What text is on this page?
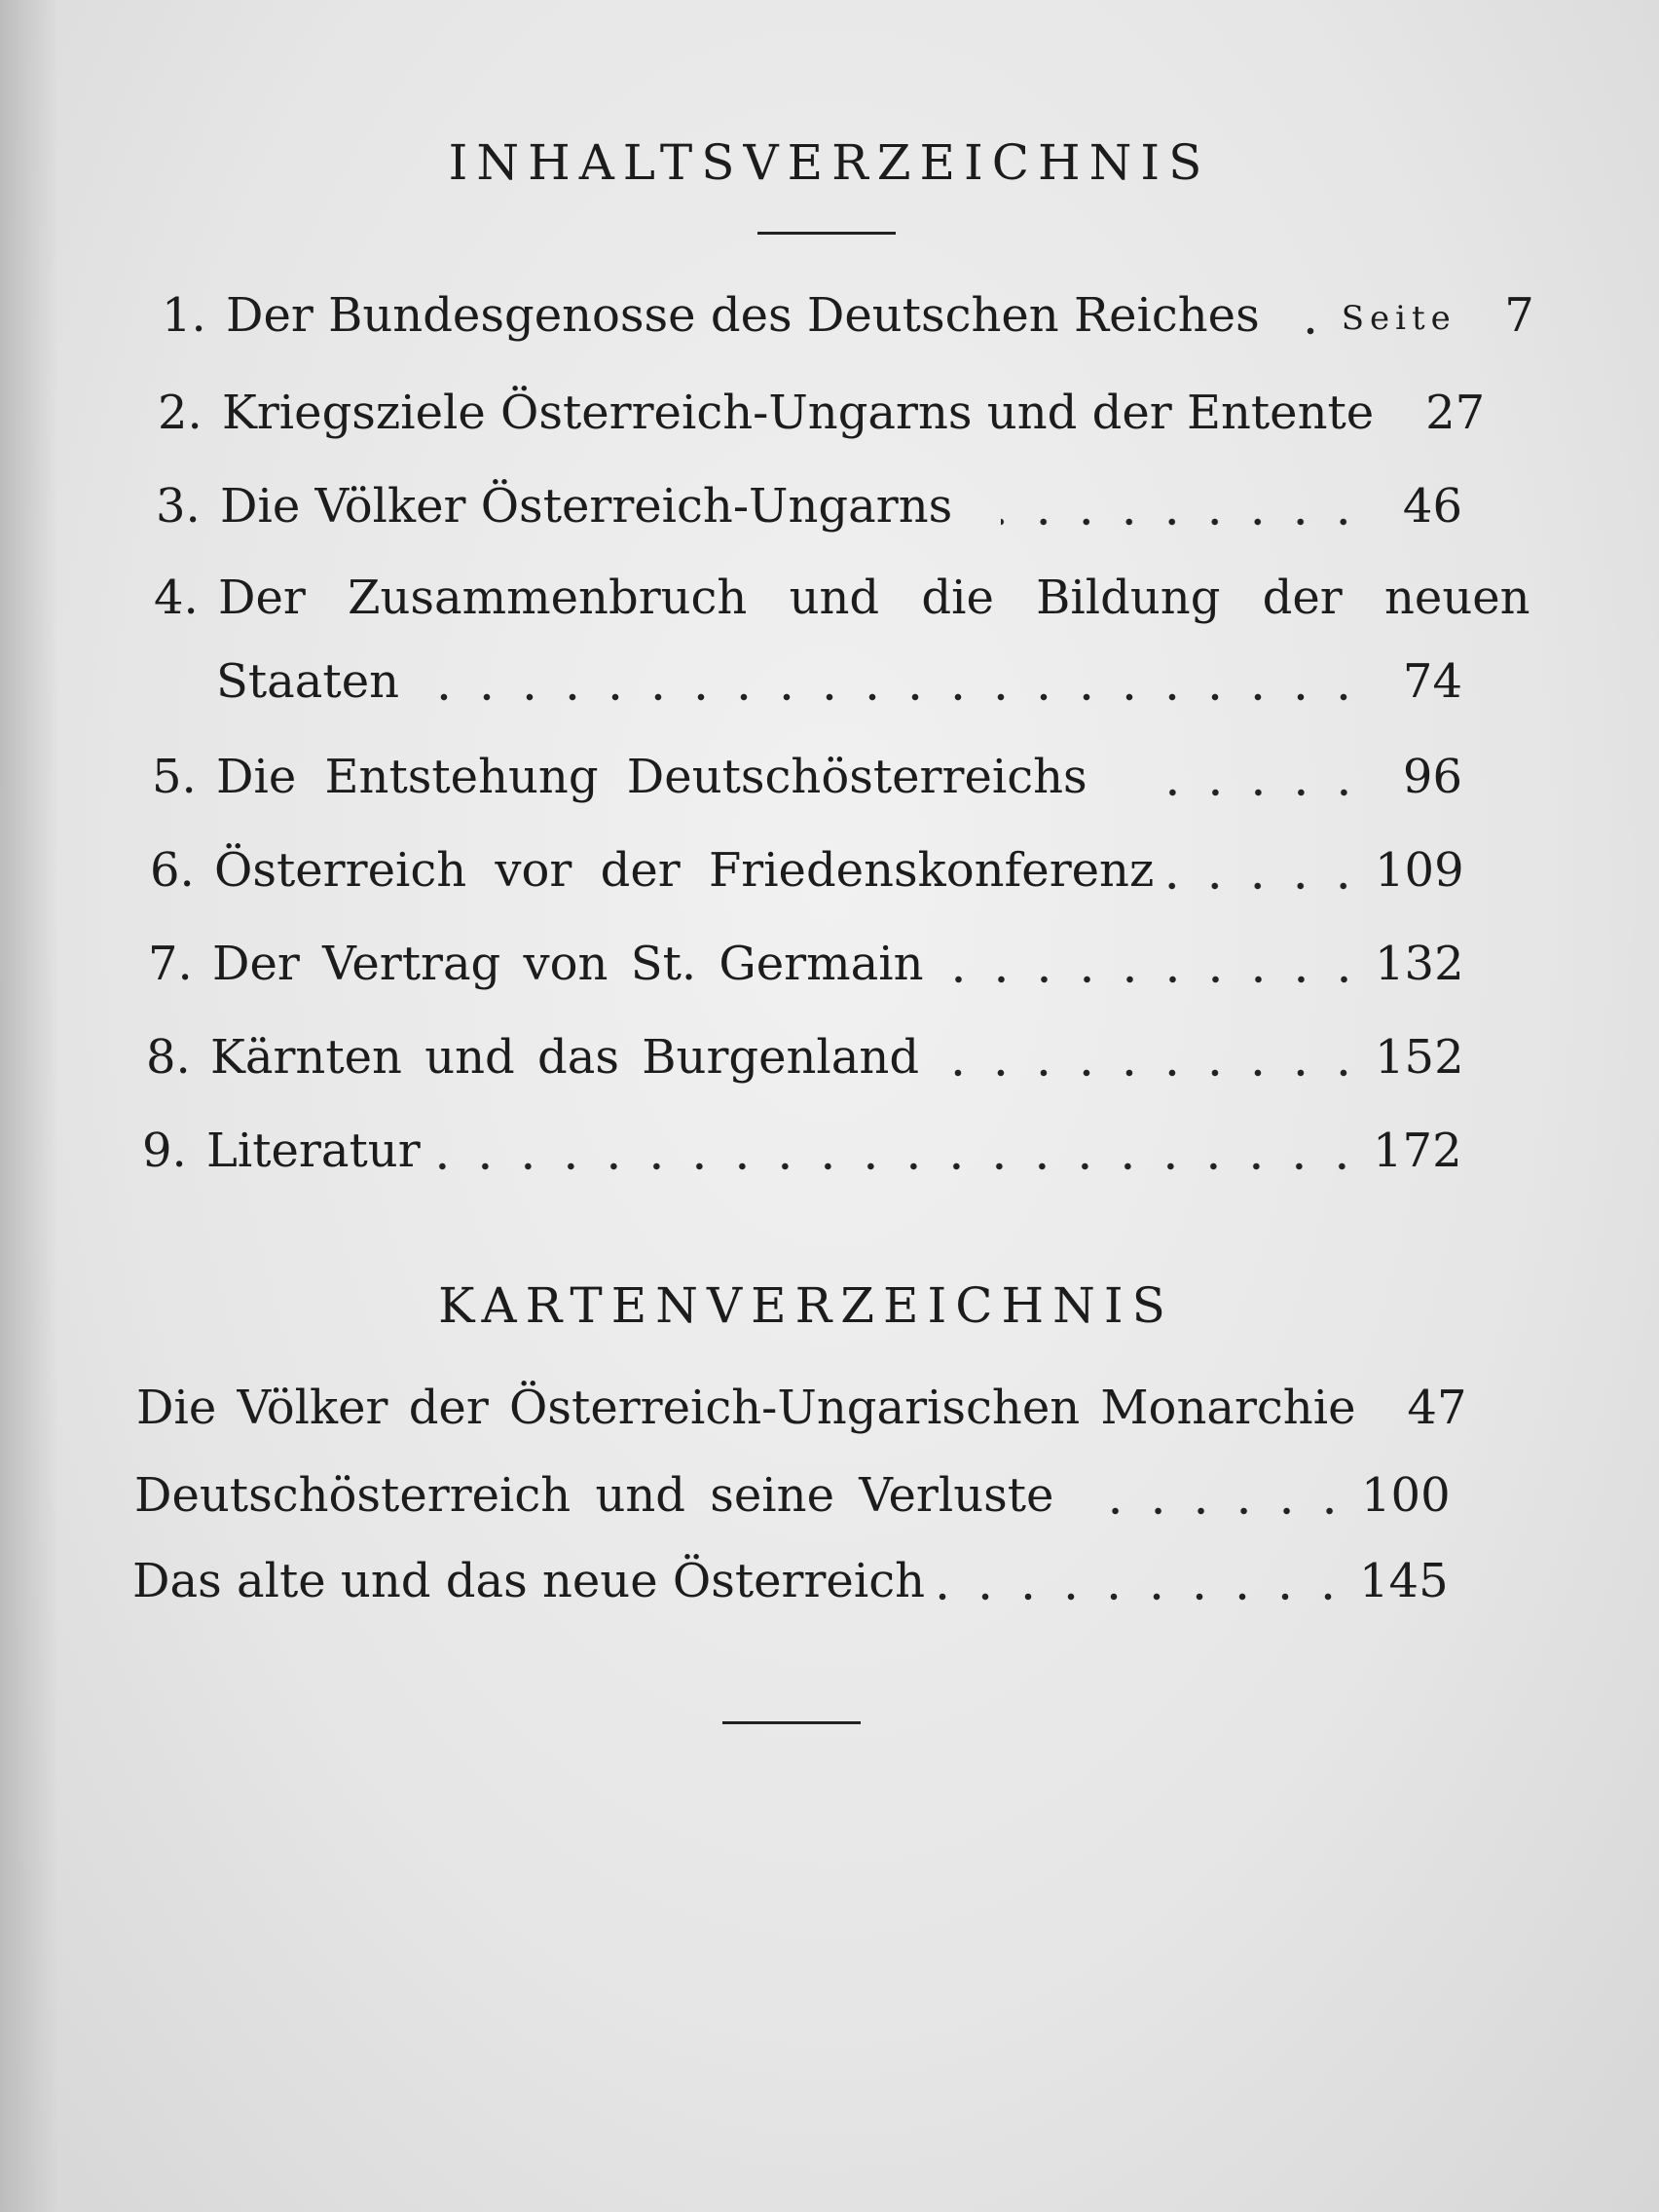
INHALTSVERZEICHNIS
1. Der Bundesgenosse des Deutschen Reiches Seite 7
2. Kriegsziele Österreich-Ungarns und der Entente	27
3. Die Völker Österreich-Ungarns	46
4. Der Zusammenbruch und die Bildung der neuen
Staaten	74
5. Die Entstehung Deutschösterreichs	96
6. Österreich vor der Friedenskonferenz	109
7. Der Vertrag von St. Germain	132
8. Kärnten und das Burgenland	152
9. Literatur	172
KARTENVERZEICHNIS
Die Völker der Österreich-Ungarischen Monarchie	47
Deutschösterreich und seine Verluste	100
Das alte und das neue Österreich	145
